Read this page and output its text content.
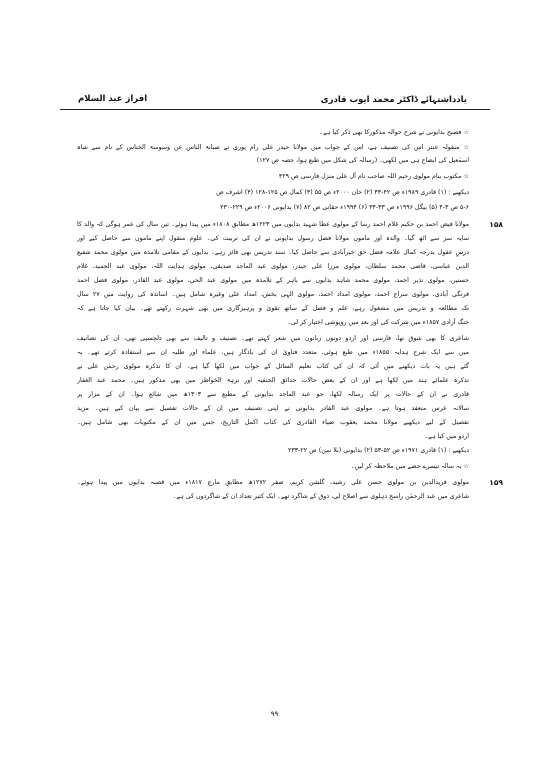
یادداشتہائے ڈاکٹر محمد ایوب قادری
افراز عبد السلام
☆ فضیح بدایونی نے شرح حوالہ مذکورکا بھی ذکر کیا ہے۔
☆ منقولہ عنتر اس کی تصنیف ہے، اس کے جواب میں مولانا حیدر علی رام پوری نے صیانۃ الناس عن وسوسۃ الخناس کے نام سے شاہ
اسمٰعیل کی ایضاح ہی میں لکھی۔ (رسالہ کی شکل میں طبع ہوا، حصہ ص ۱۲۷)
☆ مکتوب بنام مولوی رحیم اللہ صاحب نام آل علی منزل فارسی ص ۴۲۹
دیکھیے : (۱) قادری ۱۹۸۹ء ص ۴۲-۴۳ (۲) خان ۲۰۰۰ء ص ۵۵ (۳) کمال ص ۱۲۵-۱۲۸ (۴) اشرف ص
۵-۶ ص ۳-۴ (۵) بیگل ۱۹۹۶ء ص ۳۳-۳۴ (۶) ۱۹۹۴ء حقانی ص ۸۲ (۷) بدایونی ۲۰۰۶ء ص ۲۲۹-۲۳۰
۱۵۸
مولانا فیض احمد بن حکیم غلام احمد رسا کے مولوی عطا شہید بدایوں میں ۱۲۲۳ھ مطابق ۱۸۰۸ء میں پیدا ہوئے۔ تین سال کی عمر ہوگی کہ والد کا
سایہ سر سے اٹھ گیا۔ والدہ اور ماموں مولانا فضل رسول بدایونی نے ان کی تربیت کی۔ علوم منقول اپنے ماموں سے حاصل کیے اور
درسِ عقول بدرجہ کمال علامہ فضل حق خیرآبادی سے حاصل کیا۔ سند تدریس بھی فائز رہے۔ بدایوں کے مقامی تلامذہ میں مولوی محمد شفیع
الدین عباسی، قاضی محمد سلطان، مولوی مرزا علی حیدر، مولوی عبد الماجد صدیقی، مولوی ہدایت اللہ، مولوی عبد الحمید، غلام
حسنین، مولوی نذیر احمد، مولوی محمد شاہد بدایوں سے باہر کے تلامذہ میں مولوی عبد الحی، مولوی عبد القادر، مولوی فضل احمد
فرنگی آبادی، مولوی سراج احمد، مولوی امداد احمد، مولوی الہی بخش، امداد علی وغیرہ شامل ہیں۔ اساتذہ کی روایت میں ۲۷ سال
تک مطالعہ و تدریس میں مشغول رہے، علم و فضل کے ساتھ تقویٰ و پرہیزگاری میں بھی شہرت رکھتے تھے۔ بیان کیا جاتا ہے کہ
جنگ آزادی ۱۸۵۷ء میں شرکت کی اور بعد میں روپوشی اختیار کر لی۔
شاعری کا بھی شوق تھا، فارسی اور اردو دونوں زبانوں میں شعر کہتے تھے۔ تصنیف و تالیف سے بھی دلچسپی تھی، ان کی تصانیف
میں سے ایک شرح ہدایہ ۱۸۵۵ء میں طبع ہوئی، متعدد فتاویٰ ان کی یادگار ہیں، علماء اور طلبہ ان سے استفادہ کرتے تھے۔ یہ
گئے ہیں یہ بات دیکھنے میں آئی کہ ان کی کتاب تعلیم السائل کے جواب میں لکھا گیا ہے۔ ان کا تذکرہ مولوی رحمٰن علی نے
تذکرہ علمائے ہند میں لکھا ہے اور ان کے بعض حالات حدائق الحنفیہ اور نزہۃ الخواطر میں بھی مذکور ہیں۔ محمد عبد الغفار
قادری نے ان کے حالات پر ایک رسالہ لکھا، جو عبد الماجد بدایونی کے مطبع سے ۱۳۰۳ھ میں شائع ہوا۔ ان کے مزار پر
سالانہ عرس منعقد ہوتا ہے۔ مولوی عبد القادر بدایونی نے اپنی تصنیف میں ان کے حالات تفصیل سے بیان کیے ہیں۔ مزید
تفصیل کے لیے دیکھیے مولانا محمد یعقوب ضیاء القادری کی کتاب اکمل التاریخ، جس میں ان کے مکتوبات بھی شامل ہیں۔
اردو میں کیا ہے۔
دیکھیے : (۱) قادری ۱۹۷۱ء ص ۵۲-۵۳ (۲) بدایونی (بلا سن) ص ۲۲-۲۳۳
☆ یہ سالہ تیسرے حصے میں ملاحظہ کر لیں۔
۱۵۹
مولوی فریدالدین بن مولوی حسن علی رشید، گلشن کریم، صفر ۱۲۷۲ھ مطابق مارچ ۱۸۱۷ء میں قصبہ بدایوں میں پیدا ہوئے۔
شاعری میں عبد الرحمٰن راسخ دہلوی سے اصلاح لی، ذوق کے شاگرد تھے۔ ایک کثیر تعداد ان کے شاگردوں کی ہے۔
۹۹
